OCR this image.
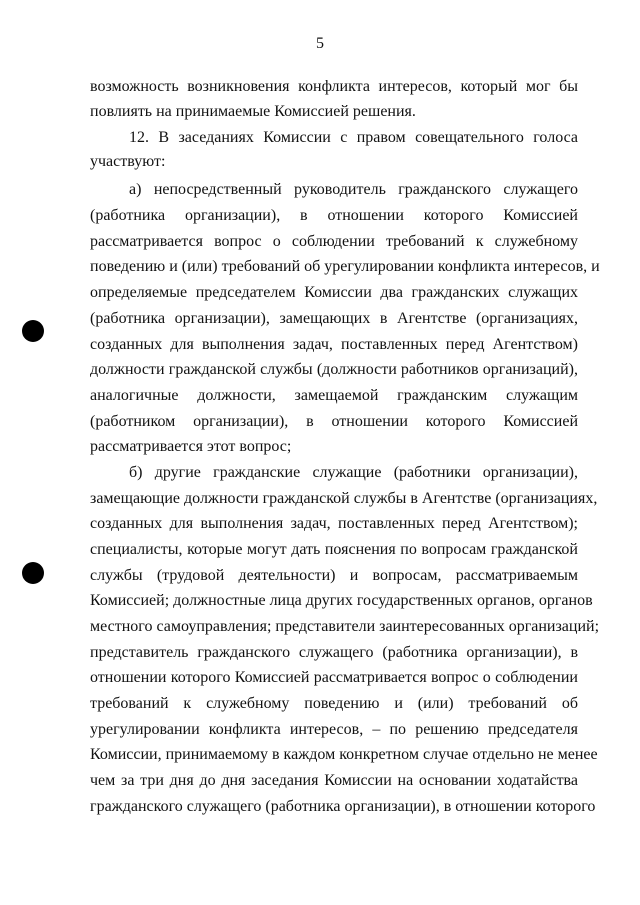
5
возможность возникновения конфликта интересов, который мог бы
повлиять на принимаемые Комиссией решения.
12. В заседаниях Комиссии с правом совещательного голоса
участвуют:
а) непосредственный руководитель гражданского служащего
(работника организации), в отношении которого Комиссией
рассматривается вопрос о соблюдении требований к служебному
поведению и (или) требований об урегулировании конфликта интересов, и
определяемые председателем Комиссии два гражданских служащих
(работника организации), замещающих в Агентстве (организациях,
созданных для выполнения задач, поставленных перед Агентством)
должности гражданской службы (должности работников организаций),
аналогичные должности, замещаемой гражданским служащим
(работником организации), в отношении которого Комиссией
рассматривается этот вопрос;
б) другие гражданские служащие (работники организации),
замещающие должности гражданской службы в Агентстве (организациях,
созданных для выполнения задач, поставленных перед Агентством);
специалисты, которые могут дать пояснения по вопросам гражданской
службы (трудовой деятельности) и вопросам, рассматриваемым
Комиссией; должностные лица других государственных органов, органов
местного самоуправления; представители заинтересованных организаций;
представитель гражданского служащего (работника организации), в
отношении которого Комиссией рассматривается вопрос о соблюдении
требований к служебному поведению и (или) требований об
урегулировании конфликта интересов, – по решению председателя
Комиссии, принимаемому в каждом конкретном случае отдельно не менее
чем за три дня до дня заседания Комиссии на основании ходатайства
гражданского служащего (работника организации), в отношении которого
